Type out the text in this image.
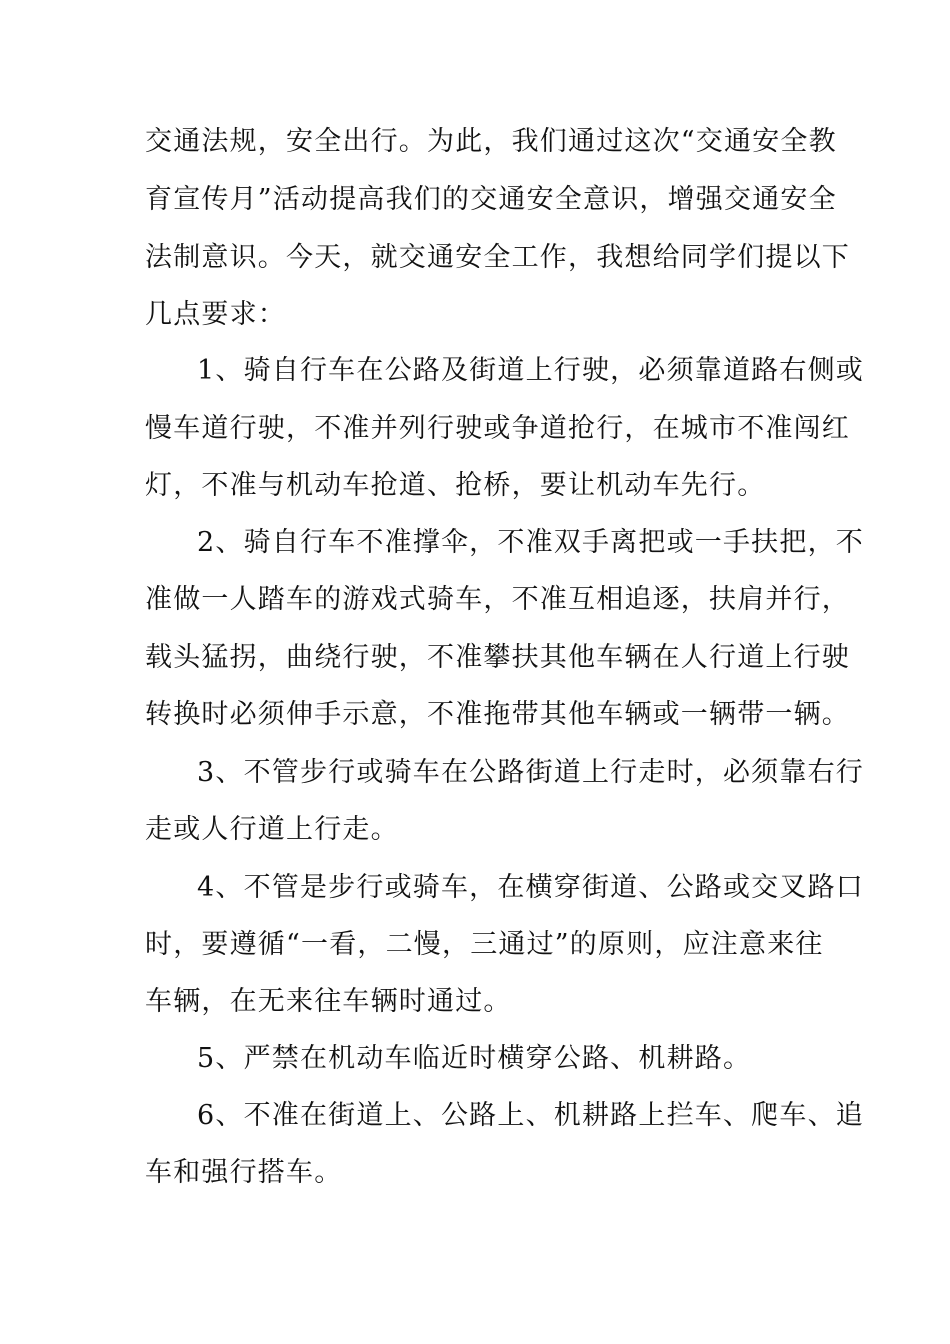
交通法规，安全出行。为此，我们通过这次“交通安全教
育宣传月”活动提高我们的交通安全意识，增强交通安全
法制意识。今天，就交通安全工作，我想给同学们提以下
几点要求：
1、骑自行车在公路及街道上行驶，必须靠道路右侧或
慢车道行驶，不准并列行驶或争道抢行，在城市不准闯红
灯，不准与机动车抢道、抢桥，要让机动车先行。
2、骑自行车不准撑伞，不准双手离把或一手扶把，不
准做一人踏车的游戏式骑车，不准互相追逐，扶肩并行，
载头猛拐，曲绕行驶，不准攀扶其他车辆在人行道上行驶
转换时必须伸手示意，不准拖带其他车辆或一辆带一辆。
3、不管步行或骑车在公路街道上行走时，必须靠右行
走或人行道上行走。
4、不管是步行或骑车，在横穿街道、公路或交叉路口
时，要遵循“一看，二慢，三通过”的原则，应注意来往
车辆，在无来往车辆时通过。
5、严禁在机动车临近时横穿公路、机耕路。
6、不准在街道上、公路上、机耕路上拦车、爬车、追
车和强行搭车。
